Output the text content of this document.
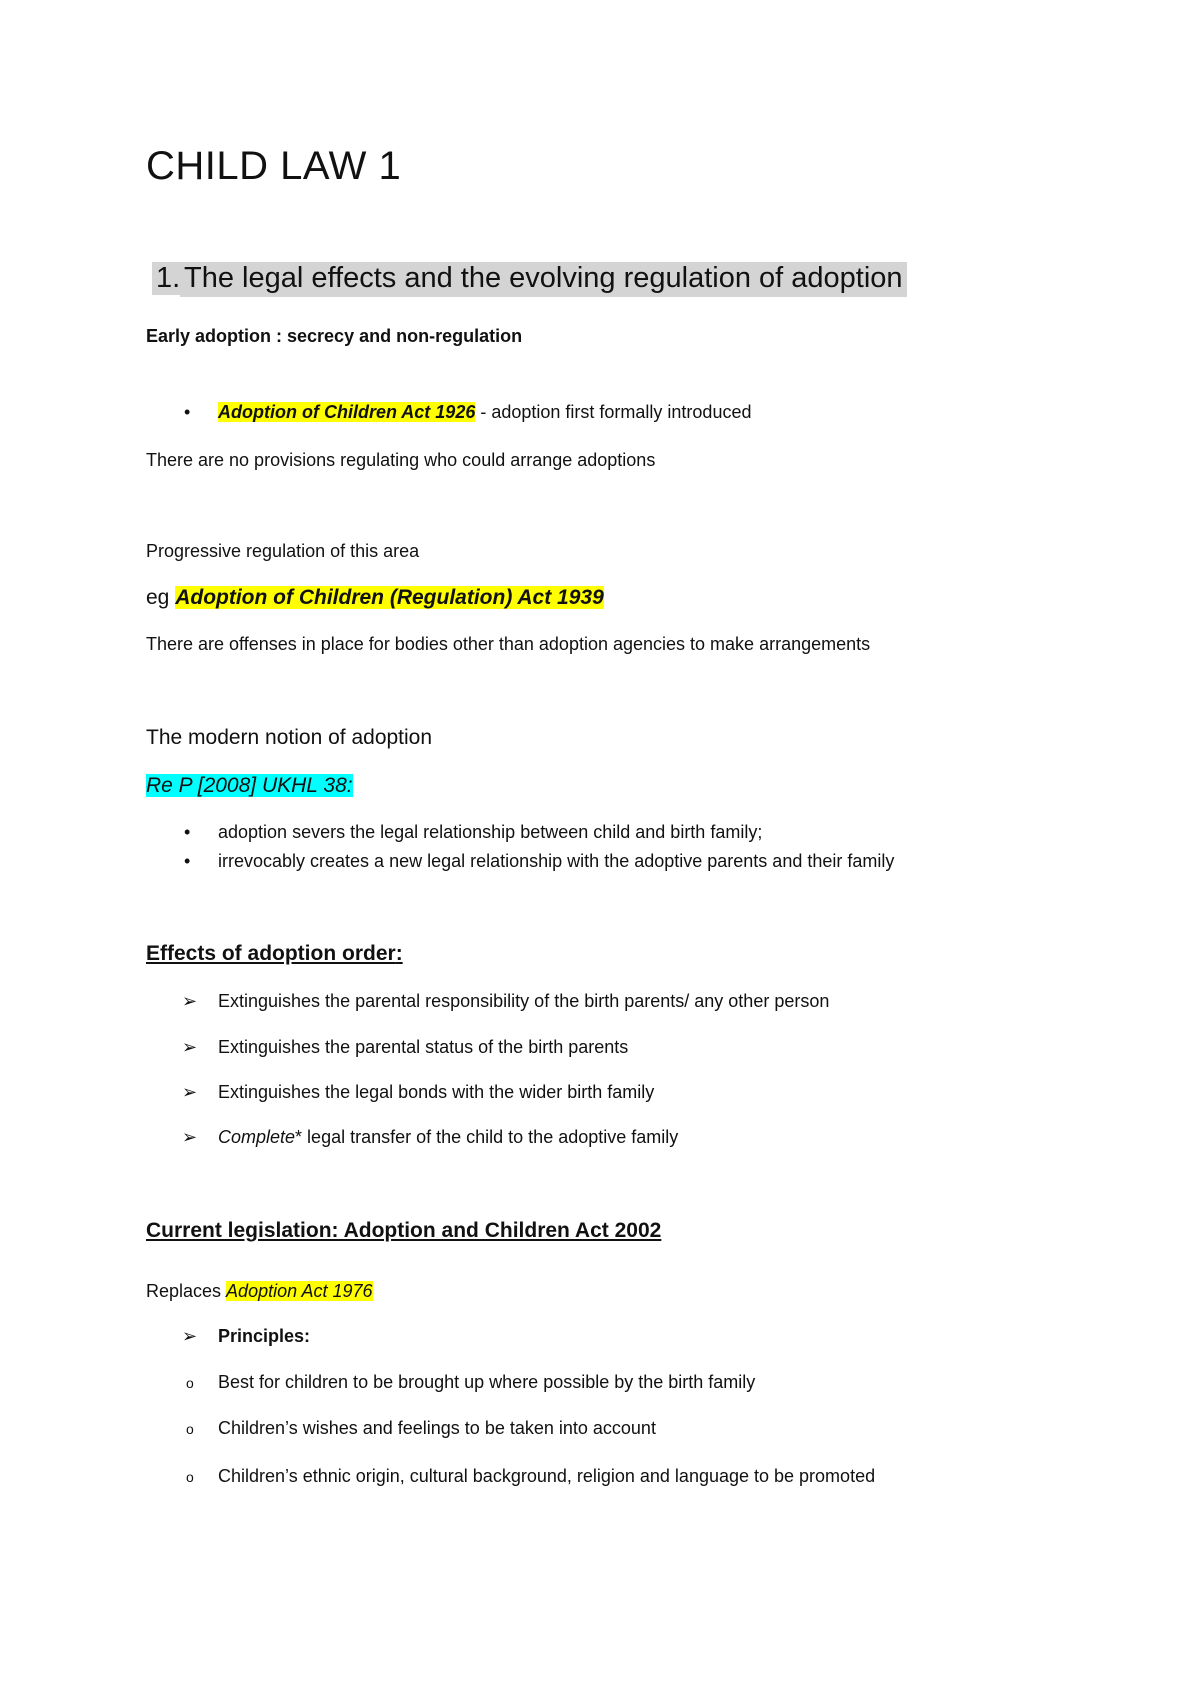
CHILD LAW 1
1. The legal effects and the evolving regulation of adoption
Early adoption : secrecy and non-regulation
• Adoption of Children Act 1926 - adoption first formally introduced
There are no provisions regulating who could arrange adoptions
Progressive regulation of this area
eg Adoption of Children (Regulation) Act 1939
There are offenses in place for bodies other than adoption agencies to make arrangements
The modern notion of adoption
Re P [2008] UKHL 38:
• adoption severs the legal relationship between child and birth family;
• irrevocably creates a new legal relationship with the adoptive parents and their family
Effects of adoption order:
➢ Extinguishes the parental responsibility of the birth parents/ any other person
➢ Extinguishes the parental status of the birth parents
➢ Extinguishes the legal bonds with the wider birth family
➢ Complete* legal transfer of the child to the adoptive family
Current legislation: Adoption and Children Act 2002
Replaces Adoption Act 1976
➢ Principles:
o Best for children to be brought up where possible by the birth family
o Children’s wishes and feelings to be taken into account
o Children’s ethnic origin, cultural background, religion and language to be promoted
